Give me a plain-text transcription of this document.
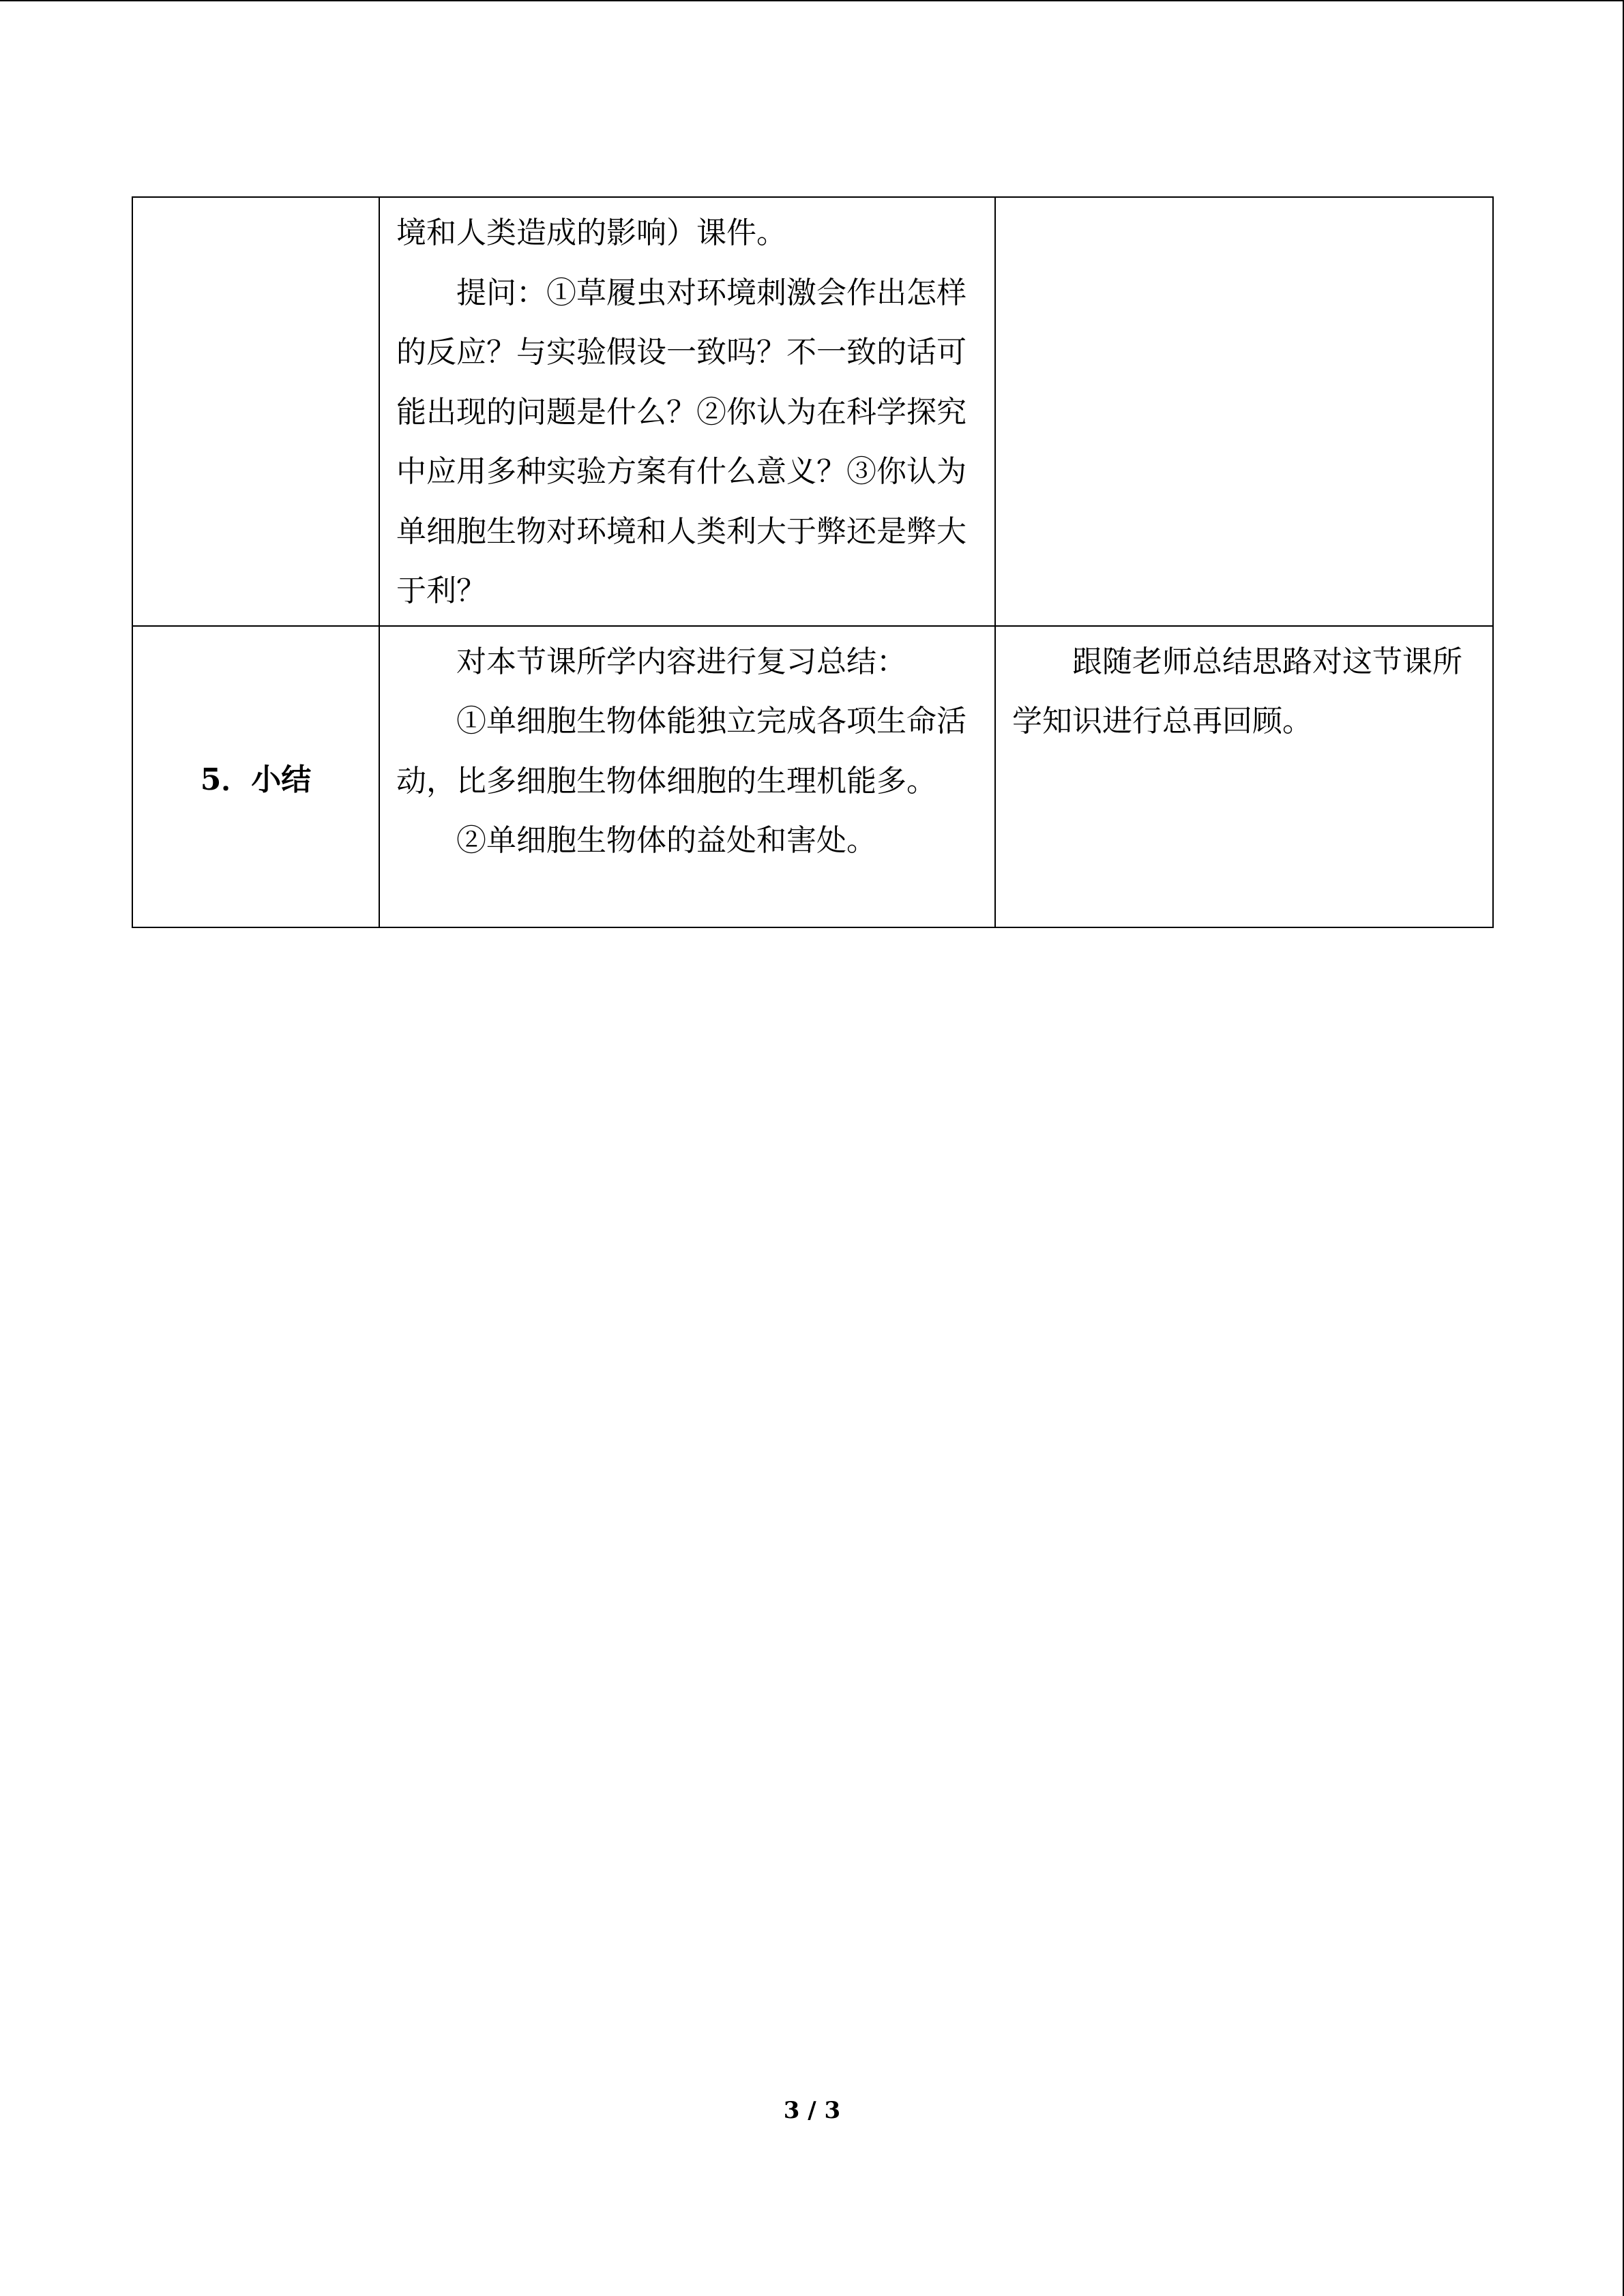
	境和人类造成的影响）课件。

提问：①草履虫对环境刺激会作出怎样的反应？与实验假设一致吗？不一致的话可能出现的问题是什么？②你认为在科学探究中应用多种实验方案有什么意义？③你认为单细胞生物对环境和人类利大于弊还是弊大于利？	

5．小结	对本节课所学内容进行复习总结：

①单细胞生物体能独立完成各项生命活动，比多细胞生物体细胞的生理机能多。

②单细胞生物体的益处和害处。	跟随老师总结思路对这节课所学知识进行总再回顾。

3 / 3
